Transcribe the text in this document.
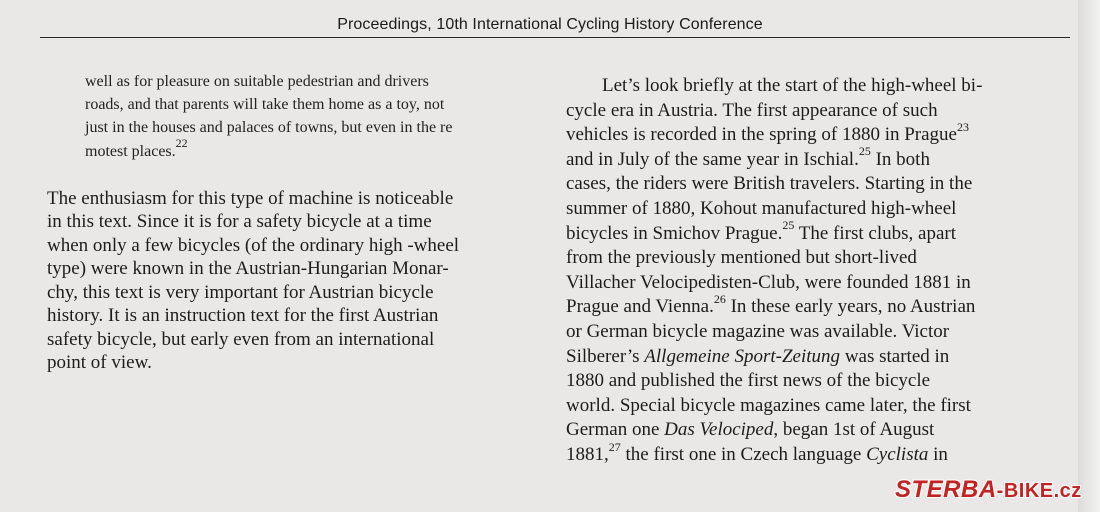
Proceedings, 10th International Cycling History Conference
well as for pleasure on suitable pedestrian and drivers
roads, and that parents will take them home as a toy, not
just in the houses and palaces of towns, but even in the re
motest places.$^{22}$
The enthusiasm for this type of machine is noticeable
in this text. Since it is for a safety bicycle at a time
when only a few bicycles (of the ordinary high -wheel
type) were known in the Austrian-Hungarian Monar-
chy, this text is very important for Austrian bicycle
history. It is an instruction text for the first Austrian
safety bicycle, but early even from an international
point of view.
Let’s look briefly at the start of the high-wheel bi-
cycle era in Austria. The first appearance of such
vehicles is recorded in the spring of 1880 in Prague$^{23}$
and in July of the same year in Ischial.$^{25}$ In both
cases, the riders were British travelers. Starting in the
summer of 1880, Kohout manufactured high-wheel
bicycles in Smichov Prague.$^{25}$ The first clubs, apart
from the previously mentioned but short-lived
Villacher Velocipedisten-Club, were founded 1881 in
Prague and Vienna.$^{26}$ In these early years, no Austrian
or German bicycle magazine was available. Victor
Silberer’s Allgemeine Sport-Zeitung was started in
1880 and published the first news of the bicycle
world. Special bicycle magazines came later, the first
German one Das Velociped, began 1st of August
1881,27 the first one in Czech language Cyclista in
STERBA-BIKE.cz
